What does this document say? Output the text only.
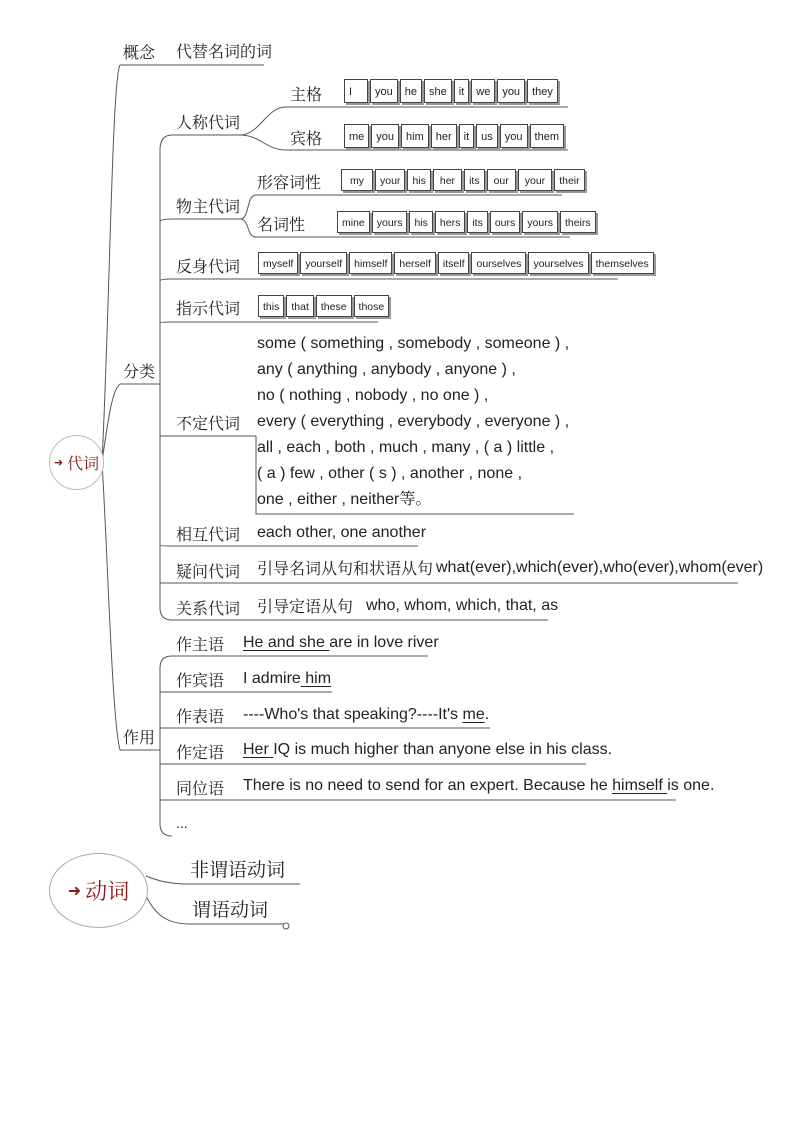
➜ 代词
概念 代替名词的词
分类
人称代词
主格	I	you	he	she	it	we	you	they
宾格	me	you	him	her	it	us	you	them
物主代词
形容词性	my	your	his	her	its	our	your	their
名词性	mine	yours	his	hers	its	ours	yours	theirs
反身代词	myself	yourself	himself	herself	itself	ourselves	yourselves	themselves
指示代词	this	that	these	those
不定代词
some ( something , somebody , someone ) ,
any ( anything , anybody , anyone ) ,
no ( nothing , nobody , no one ) ,
every ( everything , everybody , everyone ) ,
all , each , both , much , many , ( a ) little ,
( a ) few , other ( s ) , another , none ,
one , either , neither等。
相互代词 each other, one another
疑问代词 引导名词从句和状语从句 what(ever),which(ever),who(ever),whom(ever)
关系代词 引导定语从句 who, whom, which, that, as
作用
作主语 He and she are in love river
作宾语 I admire him
作表语 ----Who's that speaking?----It's me.
作定语 Her IQ is much higher than anyone else in his class.
同位语 There is no need to send for an expert. Because he himself is one.
...
➜ 动词
非谓语动词
谓语动词
